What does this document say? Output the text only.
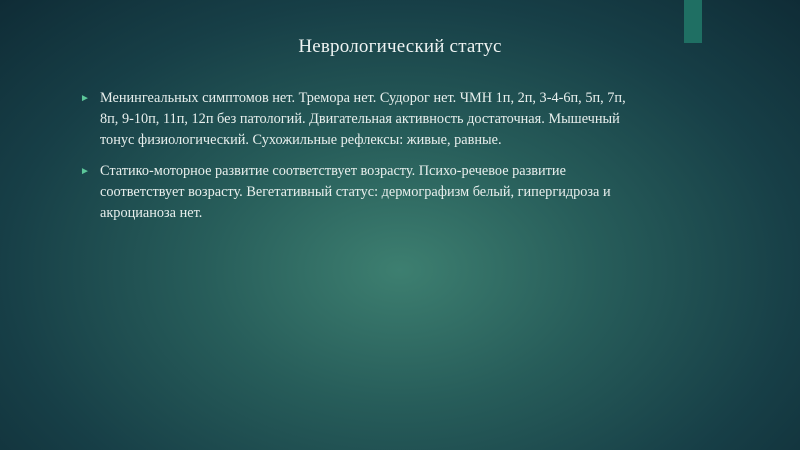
Неврологический статус
► Менингеальных симптомов нет. Тремора нет. Судорог нет. ЧМН 1п, 2п, 3-4-6п, 5п, 7п, 8п, 9-10п, 11п, 12п без патологий. Двигательная активность достаточная. Мышечный тонус физиологический. Сухожильные рефлексы: живые, равные.
► Статико-моторное развитие соответствует возрасту. Психо-речевое развитие соответствует возрасту. Вегетативный статус: дермографизм белый, гипергидроза и акроцианоза нет.
